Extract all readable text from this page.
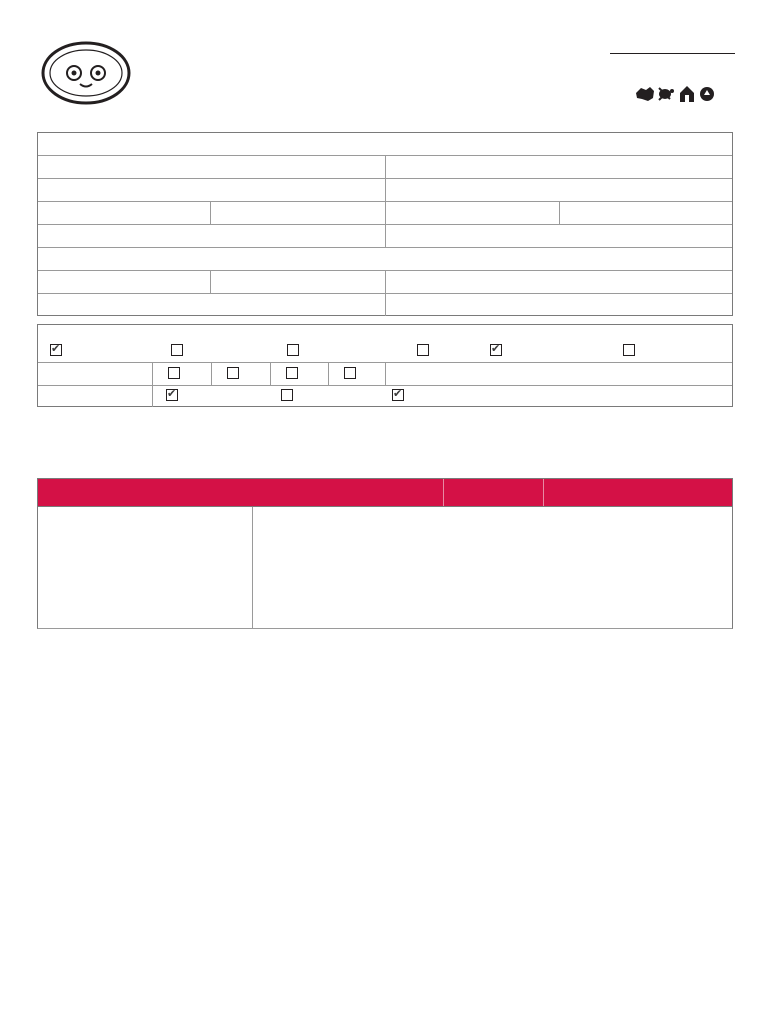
✔
✔
✔
✔
